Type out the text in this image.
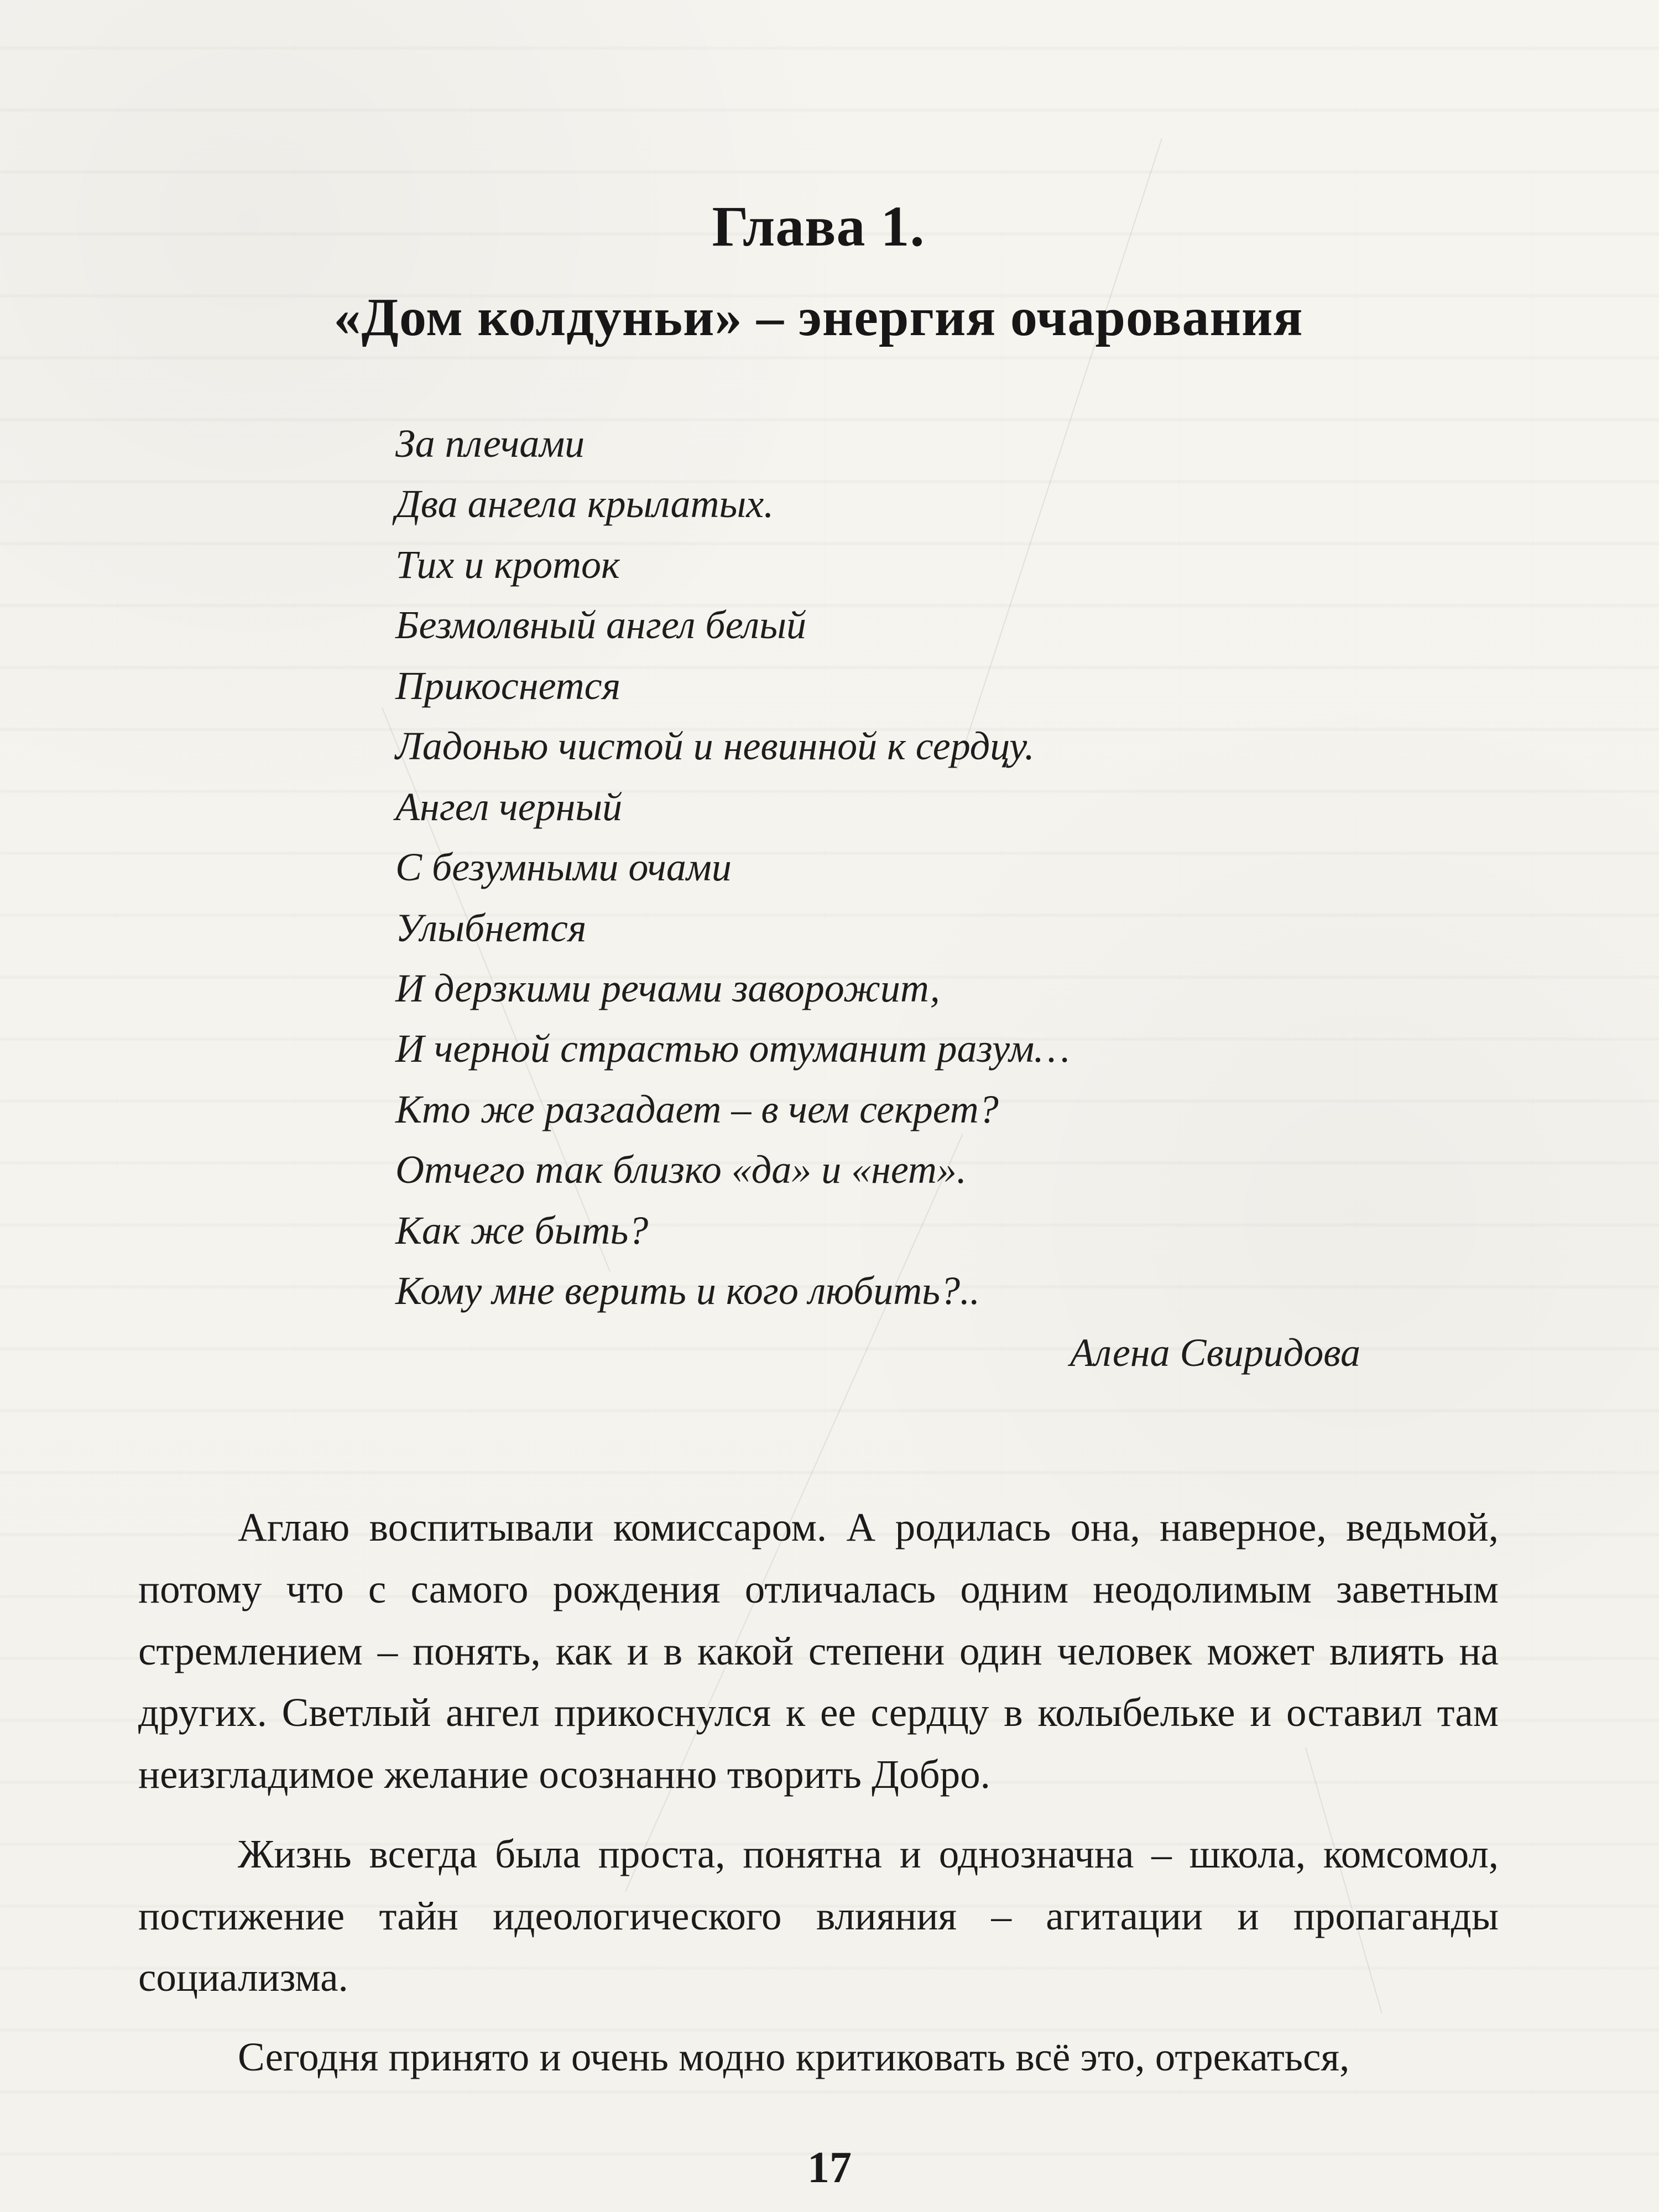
Глава 1.
«Дом колдуньи» – энергия очарования

За плечами

Два ангела крылатых.

Тих и кроток

Безмолвный ангел белый

Прикоснется

Ладонью чистой и невинной к сердцу.

Ангел черный

С безумными очами

Улыбнется

И дерзкими речами заворожит,

И черной страстью отуманит разум…

Кто же разгадает – в чем секрет?

Отчего так близко «да» и «нет».

Как же быть?

Кому мне верить и кого любить?..

Алена Свиридова

Аглаю воспитывали комиссаром. А родилась она, наверное, ведьмой, потому что с самого рождения отличалась одним неодолимым заветным стремлением – понять, как и в какой степени один человек может влиять на других. Светлый ангел прикоснулся к ее сердцу в колыбельке и оставил там неизгладимое желание осознанно творить Добро.

Жизнь всегда была проста, понятна и однозначна – школа, комсомол, постижение тайн идеологического влияния – агитации и пропаганды социализма.

Сегодня принято и очень модно критиковать всё это, отрекаться,

17
